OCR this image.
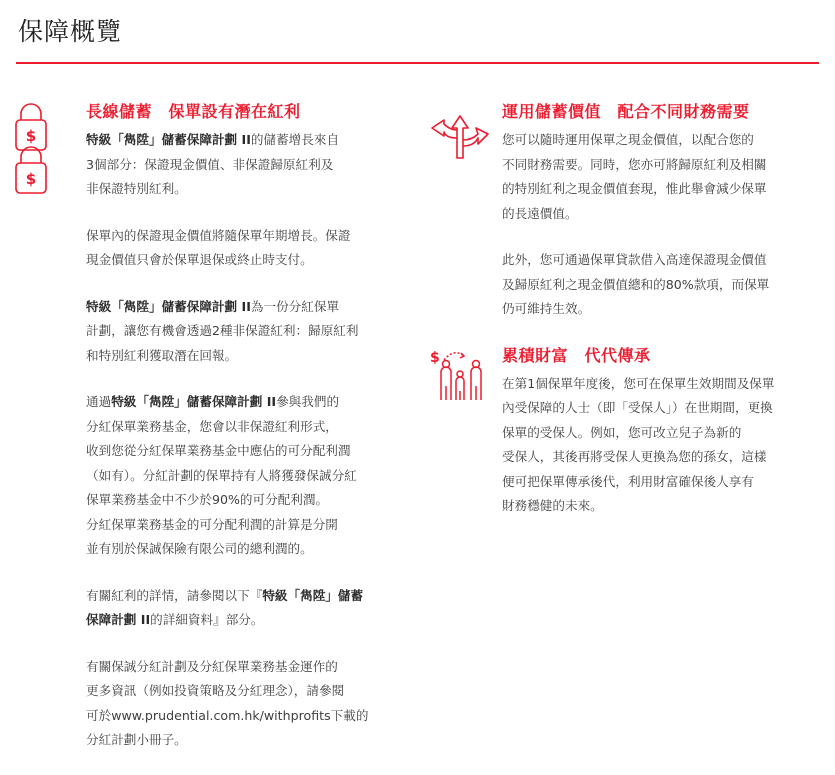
保障概覽
$
$
長線儲蓄　保單設有潛在紅利

特級「雋陞」儲蓄保障計劃 II的儲蓄增長來自
3個部分：保證現金價值、非保證歸原紅利及
非保證特別紅利。

保單內的保證現金價值將隨保單年期增長。保證
現金價值只會於保單退保或終止時支付。

特級「雋陞」儲蓄保障計劃 II為一份分紅保單
計劃，讓您有機會透過2種非保證紅利：歸原紅利
和特別紅利獲取潛在回報。

通過特級「雋陞」儲蓄保障計劃 II參與我們的
分紅保單業務基金，您會以非保證紅利形式，
收到您從分紅保單業務基金中應佔的可分配利潤
（如有）。分紅計劃的保單持有人將獲發保誠分紅
保單業務基金中不少於90%的可分配利潤。
分紅保單業務基金的可分配利潤的計算是分開
並有別於保誠保險有限公司的總利潤的。

有關紅利的詳情，請參閱以下『特級「雋陞」儲蓄
保障計劃 II的詳細資料』部分。

有關保誠分紅計劃及分紅保單業務基金運作的
更多資訊（例如投資策略及分紅理念），請參閱
可於www.prudential.com.hk/withprofits下載的
分紅計劃小冊子。

運用儲蓄價值　配合不同財務需要

您可以隨時運用保單之現金價值，以配合您的
不同財務需要。同時，您亦可將歸原紅利及相關
的特別紅利之現金價值套現，惟此舉會減少保單
的長遠價值。

此外，您可通過保單貸款借入高達保證現金價值
及歸原紅利之現金價值總和的80%款項，而保單
仍可維持生效。

$	累積財富　代代傳承

在第1個保單年度後，您可在保單生效期間及保單
內受保障的人士（即「受保人」）在世期間，更換
保單的受保人。例如，您可改立兒子為新的
受保人，其後再將受保人更換為您的孫女，這樣
便可把保單傳承後代，利用財富確保後人享有
財務穩健的未來。
